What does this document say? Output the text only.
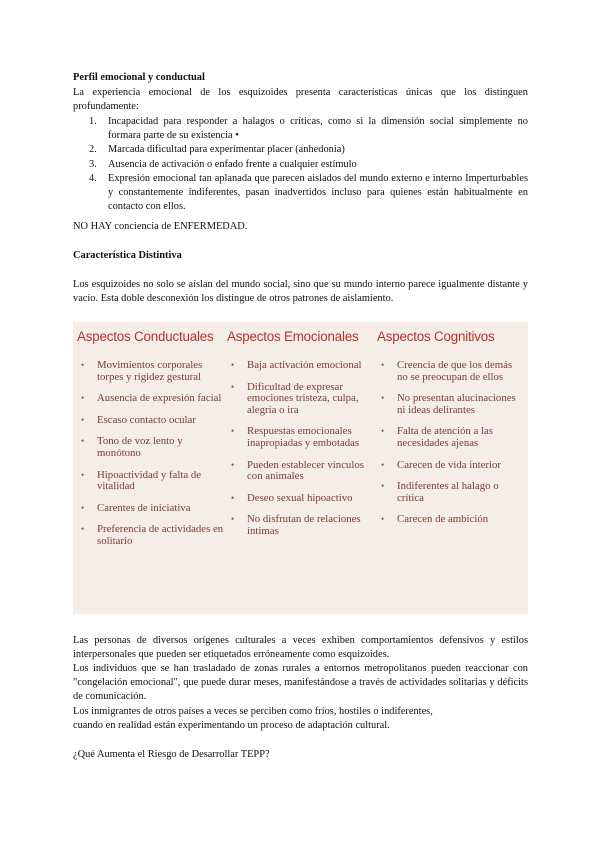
Perfil emocional y conductual
La experiencia emocional de los esquizoides presenta características únicas que los distinguen profundamente:
1. Incapacidad para responder a halagos o críticas, como si la dimensión social simplemente no formara parte de su existencia •
2. Marcada dificultad para experimentar placer (anhedonia)
3. Ausencia de activación o enfado frente a cualquier estímulo
4. Expresión emocional tan aplanada que parecen aislados del mundo externo e interno Imperturbables y constantemente indiferentes, pasan inadvertidos incluso para quienes están habitualmente en contacto con ellos.
NO HAY conciencia de ENFERMEDAD.
Característica Distintiva
Los esquizoides no solo se aíslan del mundo social, sino que su mundo interno parece igualmente distante y vacío. Esta doble desconexión los distingue de otros patrones de aislamiento.
Aspectos Conductuales
• Movimientos corporales torpes y rigidez gestural
• Ausencia de expresión facial
• Escaso contacto ocular
• Tono de voz lento y monótono
• Hipoactividad y falta de vitalidad
• Carentes de iniciativa
• Preferencia de actividades en solitario
Aspectos Emocionales
• Baja activación emocional
• Dificultad de expresar emociones tristeza, culpa, alegría o ira
• Respuestas emocionales inapropiadas y embotadas
• Pueden establecer vínculos con animales
• Deseo sexual hipoactivo
• No disfrutan de relaciones íntimas
Aspectos Cognitivos
• Creencia de que los demás no se preocupan de ellos
• No presentan alucinaciones ni ideas delirantes
• Falta de atención a las necesidades ajenas
• Carecen de vida interior
• Indiferentes al halago o crítica
• Carecen de ambición
Las personas de diversos orígenes culturales a veces exhiben comportamientos defensivos y estilos interpersonales que pueden ser etiquetados erróneamente como esquizoides.
Los individuos que se han trasladado de zonas rurales a entornos metropolitanos pueden reaccionar con "congelación emocional", que puede durar meses, manifestándose a través de actividades solitarias y déficits de comunicación.
Los inmigrantes de otros países a veces se perciben como fríos, hostiles o indiferentes,
cuando en realidad están experimentando un proceso de adaptación cultural.
¿Qué Aumenta el Riesgo de Desarrollar TEPP?
